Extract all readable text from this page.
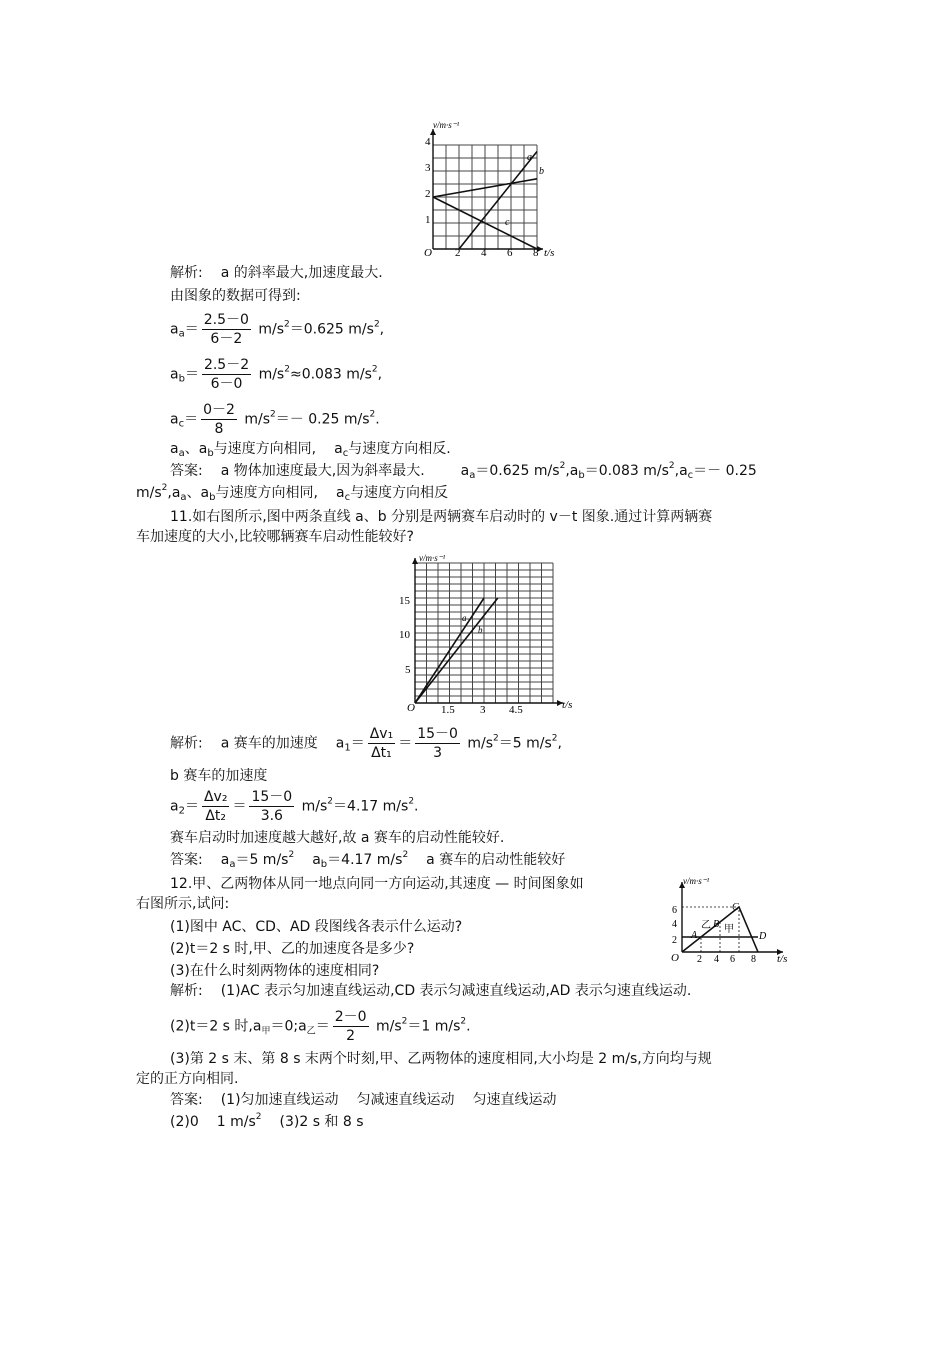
v/m·s⁻¹
t/s
O
1
2
3
4
2 4 6 8
a
b
c
解析: a 的斜率最大,加速度最大.
由图象的数据可得到:
$a_a= \frac{2.5-0}{6-2} m/s^2=0.625$ $m/s^2$,
$a_b= \frac{2.5-2}{6-0} m/s^2\approx 0.083$ $m/s^2$,
$a_c= \frac{0-2}{8} m/s^2=- 0.25$ $m/s^2$.
$a_a$、$a_b$与速度方向相同, $a_c$与速度方向相反.
答案: a 物体加速度最大,因为斜率最大.	$a_a=0.625$ $m/s^2,a_b=0.083$ $m/s^2,a_c=- 0.25$
$m/s^2,a_a$、$a_b$与速度方向相同, $a_c$与速度方向相反
11.如右图所示,图中两条直线 a、b 分别是两辆赛车启动时的 v－t 图象.通过计算两辆赛
车加速度的大小,比较哪辆赛车启动性能较好?
v/m·s⁻¹
t/s
O
5
10
15
1.5 3 4.5
a
b
解析: a 赛车的加速度 $a_1= \frac{\text{Δv₁}}{\text{Δt₁}} = \frac{15-0}{3} m/s^2=5$ $m/s^2$,
b 赛车的加速度
$a_2= \frac{\text{Δv₂}}{\text{Δt₂}} = \frac{15-0}{3.6} m/s^2=4.17$ $m/s^2$.
赛车启动时加速度越大越好,故 a 赛车的启动性能较好.
答案: $a_a=5$ $m/s^2$ $a_b=4.17$ $m/s^2$ a 赛车的启动性能较好
12.甲、乙两物体从同一地点向同一方向运动,其速度 — 时间图象如
右图所示,试问:
(1)图中 AC、CD、AD 段图线各表示什么运动?
(2)t＝2 s 时,甲、乙的加速度各是多少?
(3)在什么时刻两物体的速度相同?
v/m·s⁻¹
t/s
O
2
4
6
2 4 6 8
A
B
C
D
乙 甲
解析: (1)AC 表示匀加速直线运动,CD 表示匀减速直线运动,AD 表示匀速直线运动.
(2)t＝2 s 时$,a_甲=0;a_乙= \frac{2-0}{2} m/s^2=1$ $m/s^2$.
(3)第 2 s 末、第 8 s 末两个时刻,甲、乙两物体的速度相同,大小均是 2 m/s,方向均与规
定的正方向相同.
答案: (1)匀加速直线运动 匀减速直线运动 匀速直线运动
(2)0 1 $m/s^2$ (3)2 s 和 8 s
